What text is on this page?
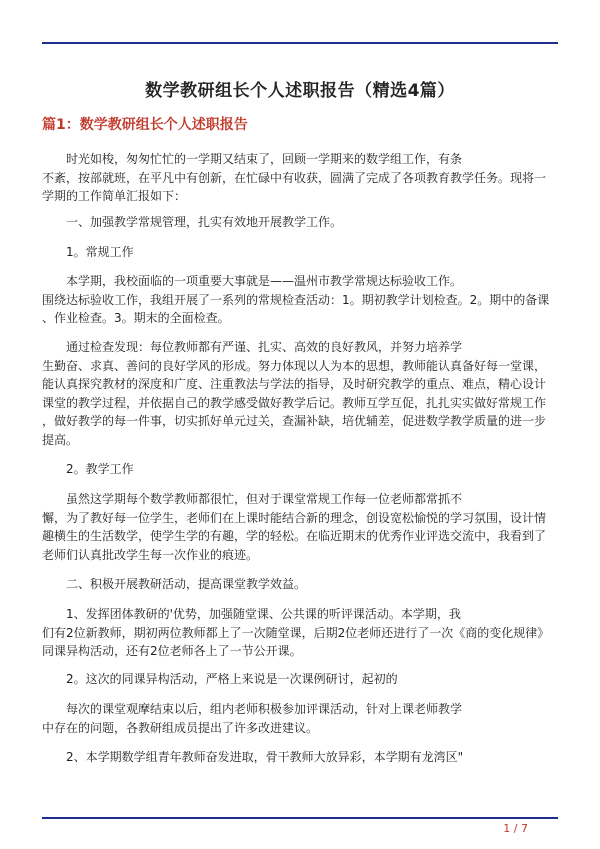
数学教研组长个人述职报告（精选4篇）
篇1：数学教研组长个人述职报告
时光如梭，匆匆忙忙的一学期又结束了，回顾一学期来的数学组工作，有条
不紊，按部就班，在平凡中有创新，在忙碌中有收获，圆满了完成了各项教育教学任务。现将一
学期的工作简单汇报如下：
一、加强教学常规管理，扎实有效地开展教学工作。
1。常规工作
本学期，我校面临的一项重要大事就是——温州市教学常规达标验收工作。
围绕达标验收工作，我组开展了一系列的常规检查活动：1。期初教学计划检查。2。期中的备课
、作业检查。3。期末的全面检查。
通过检查发现：每位教师都有严谨、扎实、高效的良好教风，并努力培养学
生勤奋、求真、善问的良好学风的形成。努力体现以人为本的思想，教师能认真备好每一堂课，
能认真探究教材的深度和广度、注重教法与学法的指导，及时研究教学的重点、难点，精心设计
课堂的教学过程，并依据自己的教学感受做好教学后记。教师互学互促，扎扎实实做好常规工作
，做好教学的每一件事，切实抓好单元过关，查漏补缺，培优辅差，促进数学教学质量的进一步
提高。
2。教学工作
虽然这学期每个数学教师都很忙，但对于课堂常规工作每一位老师都常抓不
懈，为了教好每一位学生，老师们在上课时能结合新的理念，创设宽松愉悦的学习氛围，设计情
趣横生的生活数学，使学生学的有趣，学的轻松。在临近期末的优秀作业评选交流中，我看到了
老师们认真批改学生每一次作业的痕迹。
二、积极开展教研活动，提高课堂教学效益。
1、发挥团体教研的'优势，加强随堂课、公共课的听评课活动。本学期，我
们有2位新教师，期初两位教师都上了一次随堂课，后期2位老师还进行了一次《商的变化规律》
同课异构活动，还有2位老师各上了一节公开课。
2。这次的同课异构活动，严格上来说是一次课例研讨，起初的
每次的课堂观摩结束以后，组内老师积极参加评课活动，针对上课老师教学
中存在的问题，各教研组成员提出了许多改进建议。
2、本学期数学组青年教师奋发进取，骨干教师大放异彩，本学期有龙湾区"
1 / 7
